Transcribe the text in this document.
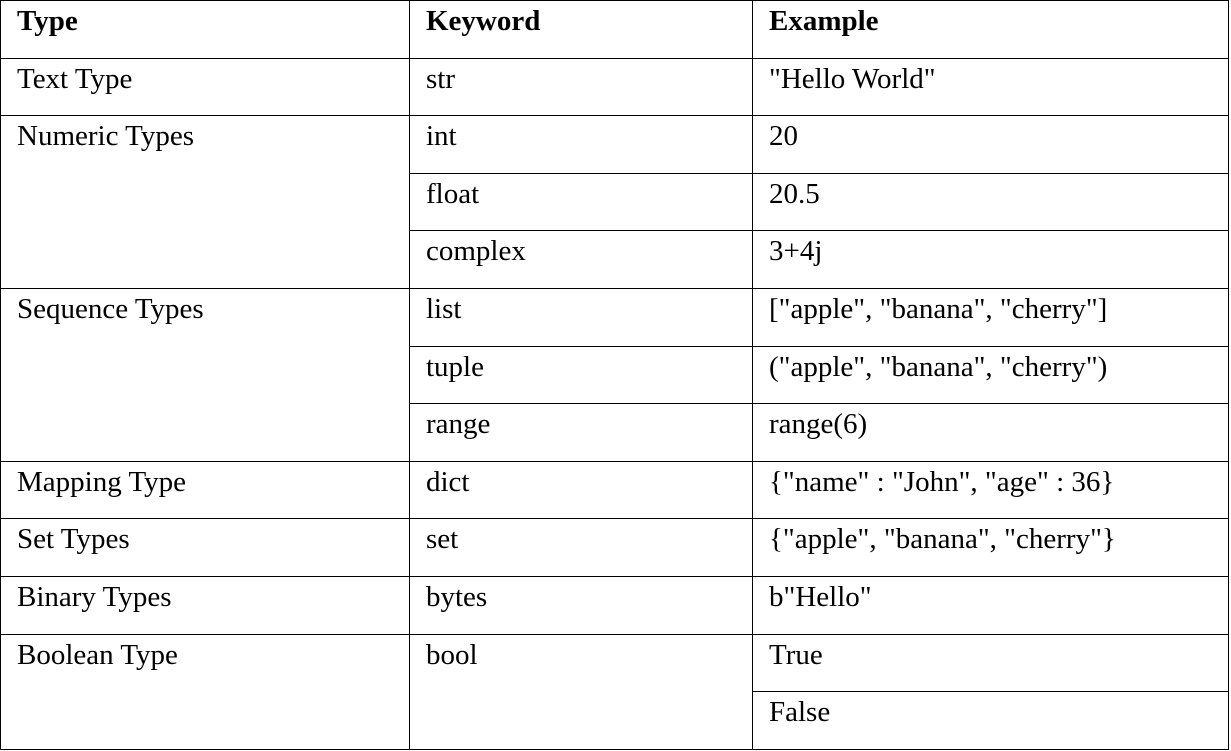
Type	Keyword	Example
Text Type	str	"Hello World"
Numeric Types	int	20
	float	20.5
	complex	3+4j
Sequence Types	list	["apple", "banana", "cherry"]
	tuple	("apple", "banana", "cherry")
	range	range(6)
Mapping Type	dict	{"name" : "John", "age" : 36}
Set Types	set	{"apple", "banana", "cherry"}
Binary Types	bytes	b"Hello"
Boolean Type	bool	True
		False
